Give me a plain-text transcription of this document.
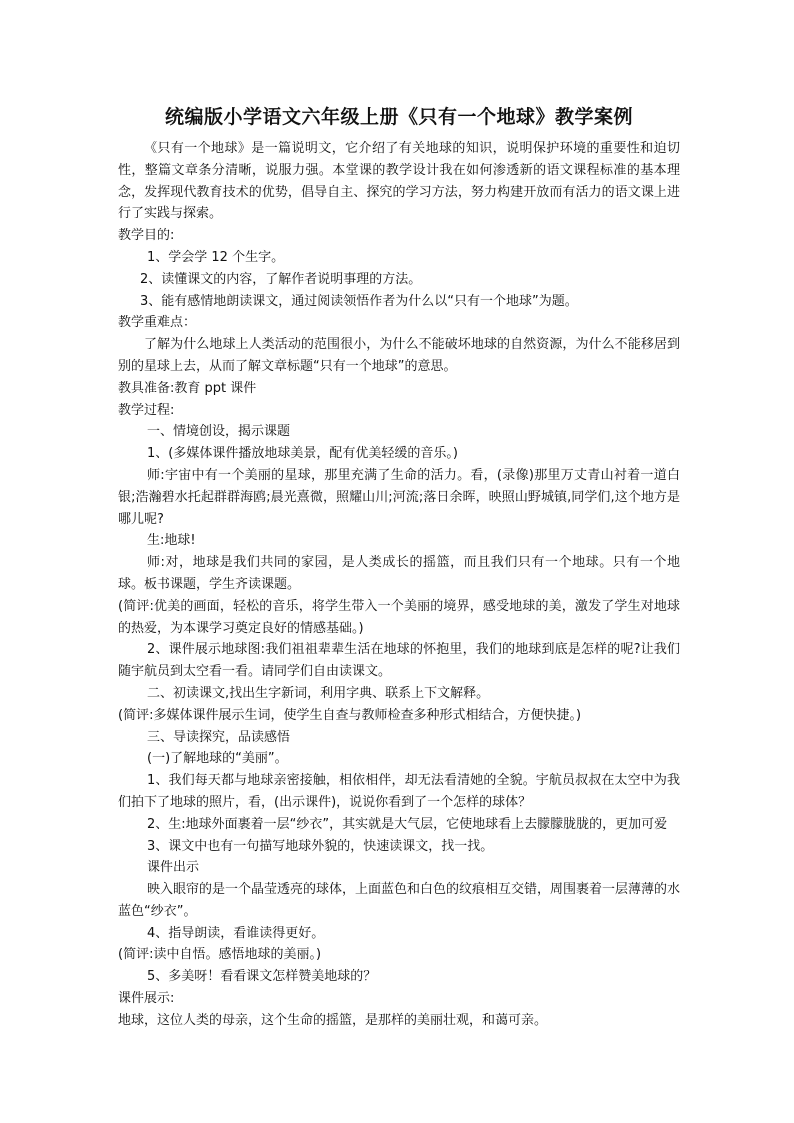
统编版小学语文六年级上册《只有一个地球》教学案例

《只有一个地球》是一篇说明文，它介绍了有关地球的知识，说明保护环境的重要性和迫切性，整篇文章条分清晰，说服力强。本堂课的教学设计我在如何渗透新的语文课程标准的基本理念，发挥现代教育技术的优势，倡导自主、探究的学习方法，努力构建开放而有活力的语文课上进行了实践与探索。

教学目的:

1、学会学 12 个生字。

2、读懂课文的内容，了解作者说明事理的方法。

3、能有感情地朗读课文，通过阅读领悟作者为什么以“只有一个地球”为题。

教学重难点：

了解为什么地球上人类活动的范围很小，为什么不能破坏地球的自然资源，为什么不能移居到别的星球上去，从而了解文章标题“只有一个地球”的意思。

教具准备:教育 ppt 课件

教学过程:

一、情境创设，揭示课题

1、(多媒体课件播放地球美景，配有优美轻缓的音乐。)

师:宇宙中有一个美丽的星球，那里充满了生命的活力。看，(录像)那里万丈青山衬着一道白银;浩瀚碧水托起群群海鸥;晨光熹微，照耀山川;河流;落日余晖，映照山野城镇,同学们,这个地方是哪儿呢?

生:地球!

师:对，地球是我们共同的家园，是人类成长的摇篮，而且我们只有一个地球。只有一个地球。板书课题，学生齐读课题。

(简评:优美的画面，轻松的音乐，将学生带入一个美丽的境界，感受地球的美，激发了学生对地球的热爱，为本课学习奠定良好的情感基础。)

2、课件展示地球图:我们祖祖辈辈生活在地球的怀抱里，我们的地球到底是怎样的呢?让我们随宇航员到太空看一看。请同学们自由读课文。

二、初读课文,找出生字新词，利用字典、联系上下文解释。

(简评:多媒体课件展示生词，使学生自查与教师检查多种形式相结合，方便快捷。)

三、导读探究，品读感悟

(一)了解地球的“美丽”。

1、我们每天都与地球亲密接触，相依相伴，却无法看清她的全貌。宇航员叔叔在太空中为我们拍下了地球的照片，看，(出示课件)，说说你看到了一个怎样的球体？

2、生:地球外面裹着一层“纱衣”，其实就是大气层，它使地球看上去朦朦胧胧的，更加可爱

3、课文中也有一句描写地球外貌的，快速读课文，找一找。

课件出示

映入眼帘的是一个晶莹透亮的球体，上面蓝色和白色的纹痕相互交错，周围裹着一层薄薄的水蓝色“纱衣”。

4、指导朗读，看谁读得更好。

(简评:读中自悟。感悟地球的美丽。)

5、多美呀！看看课文怎样赞美地球的？

课件展示:

地球，这位人类的母亲，这个生命的摇篮，是那样的美丽壮观，和蔼可亲。
